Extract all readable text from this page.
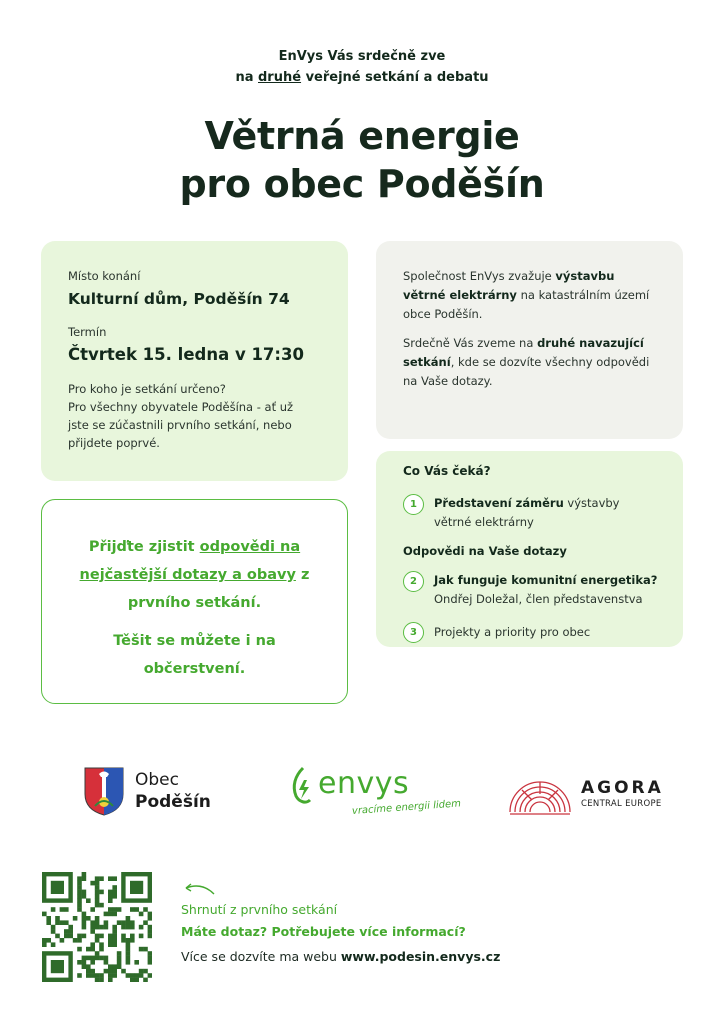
EnVys Vás srdečně zve
na druhé veřejné setkání a debatu
Větrná energie
pro obec Poděšín
Místo konání
Kulturní dům, Poděšín 74
Termín
Čtvrtek 15. ledna v 17:30
Pro koho je setkání určeno?
Pro všechny obyvatele Poděšína - ať už jste se zúčastnili prvního setkání, nebo přijdete poprvé.

Společnost EnVys zvažuje výstavbu větrné elektrárny na katastrálním území obce Poděšín.

Srdečně Vás zveme na druhé navazující setkání, kde se dozvíte všechny odpovědi na Vaše dotazy.

Přijďte zjistit odpovědi na nejčastější dotazy a obavy z prvního setkání.
Těšit se můžete i na občerstvení.
Co Vás čeká?
1	Představení záměru výstavby větrné elektrárny
Odpovědi na Vaše dotazy
2	Jak funguje komunitní energetika?
Ondřej Doležal, člen představenstva
3	Projekty a priority pro obec
Obec
Poděšín
envys
vracíme energii lidem
AGORA
CENTRAL EUROPE
Shrnutí z prvního setkání
Máte dotaz? Potřebujete více informací?
Více se dozvíte ma webu www.podesin.envys.cz
